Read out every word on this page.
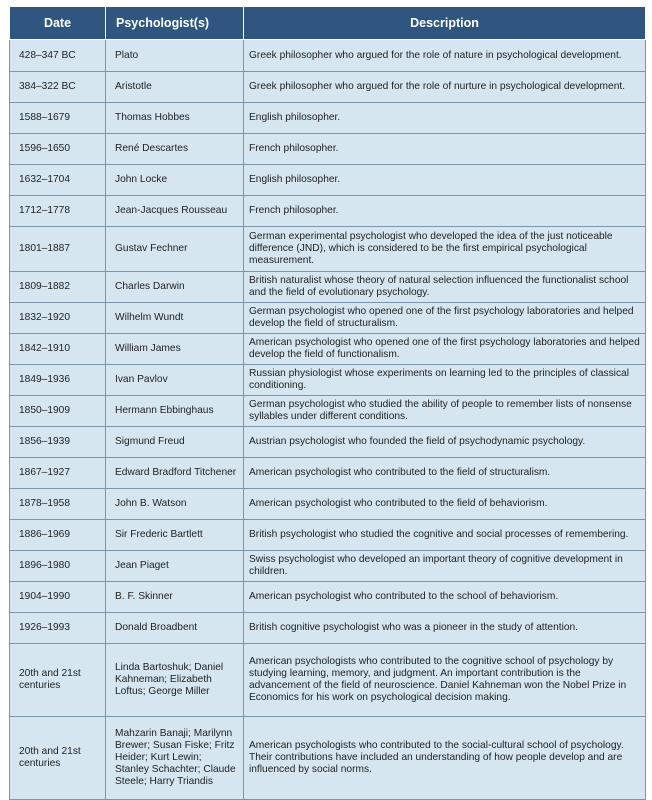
Date	Psychologist(s)	Description
428–347 BC	Plato	Greek philosopher who argued for the role of nature in psychological development.
384–322 BC	Aristotle	Greek philosopher who argued for the role of nurture in psychological development.
1588–1679	Thomas Hobbes	English philosopher.
1596–1650	René Descartes	French philosopher.
1632–1704	John Locke	English philosopher.
1712–1778	Jean-Jacques Rousseau	French philosopher.
1801–1887	Gustav Fechner	German experimental psychologist who developed the idea of the just noticeable difference (JND), which is considered to be the first empirical psychological measurement.
1809–1882	Charles Darwin	British naturalist whose theory of natural selection influenced the functionalist school and the field of evolutionary psychology.
1832–1920	Wilhelm Wundt	German psychologist who opened one of the first psychology laboratories and helped develop the field of structuralism.
1842–1910	William James	American psychologist who opened one of the first psychology laboratories and helped develop the field of functionalism.
1849–1936	Ivan Pavlov	Russian physiologist whose experiments on learning led to the principles of classical conditioning.
1850–1909	Hermann Ebbinghaus	German psychologist who studied the ability of people to remember lists of nonsense syllables under different conditions.
1856–1939	Sigmund Freud	Austrian psychologist who founded the field of psychodynamic psychology.
1867–1927	Edward Bradford Titchener	American psychologist who contributed to the field of structuralism.
1878–1958	John B. Watson	American psychologist who contributed to the field of behaviorism.
1886–1969	Sir Frederic Bartlett	British psychologist who studied the cognitive and social processes of remembering.
1896–1980	Jean Piaget	Swiss psychologist who developed an important theory of cognitive development in children.
1904–1990	B. F. Skinner	American psychologist who contributed to the school of behaviorism.
1926–1993	Donald Broadbent	British cognitive psychologist who was a pioneer in the study of attention.
20th and 21st centuries	Linda Bartoshuk; Daniel Kahneman; Elizabeth Loftus; George Miller	American psychologists who contributed to the cognitive school of psychology by studying learning, memory, and judgment. An important contribution is the advancement of the field of neuroscience. Daniel Kahneman won the Nobel Prize in Economics for his work on psychological decision making.
20th and 21st centuries	Mahzarin Banaji; Marilynn Brewer; Susan Fiske; Fritz Heider; Kurt Lewin; Stanley Schachter; Claude Steele; Harry Triandis	American psychologists who contributed to the social-cultural school of psychology. Their contributions have included an understanding of how people develop and are influenced by social norms.
